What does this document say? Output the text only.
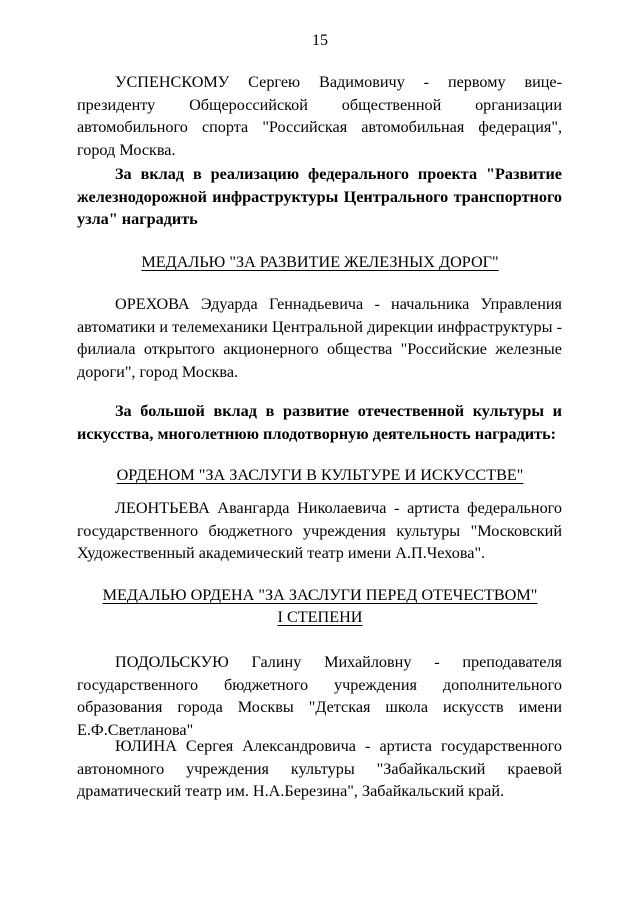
15
УСПЕНСКОМУ Сергею Вадимовичу - первому вице-президенту Общероссийской общественной организации автомобильного спорта "Российская автомобильная федерация", город Москва.
За вклад в реализацию федерального проекта "Развитие железнодорожной инфраструктуры Центрального транспортного узла" наградить
МЕДАЛЬЮ "ЗА РАЗВИТИЕ ЖЕЛЕЗНЫХ ДОРОГ"
ОРЕХОВА Эдуарда Геннадьевича - начальника Управления автоматики и телемеханики Центральной дирекции инфраструктуры - филиала открытого акционерного общества "Российские железные дороги", город Москва.
За большой вклад в развитие отечественной культуры и искусства, многолетнюю плодотворную деятельность наградить:
ОРДЕНОМ "ЗА ЗАСЛУГИ В КУЛЬТУРЕ И ИСКУССТВЕ"
ЛЕОНТЬЕВА Авангарда Николаевича - артиста федерального государственного бюджетного учреждения культуры "Московский Художественный академический театр имени А.П.Чехова".
МЕДАЛЬЮ ОРДЕНА "ЗА ЗАСЛУГИ ПЕРЕД ОТЕЧЕСТВОМ"
I СТЕПЕНИ
ПОДОЛЬСКУЮ Галину Михайловну - преподавателя государственного бюджетного учреждения дополнительного образования города Москвы "Детская школа искусств имени Е.Ф.Светланова"
ЮЛИНА Сергея Александровича - артиста государственного автономного учреждения культуры "Забайкальский краевой драматический театр им. Н.А.Березина", Забайкальский край.
